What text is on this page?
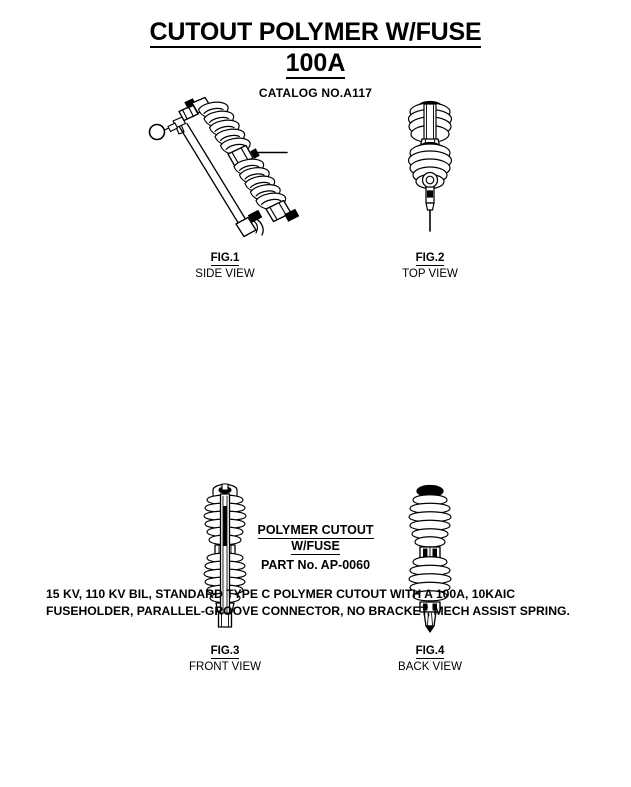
CUTOUT POLYMER W/FUSE
100A
CATALOG NO.A117
FIG.1
SIDE VIEW
FIG.2
TOP VIEW
FIG.3
FRONT VIEW
FIG.4
BACK VIEW
POLYMER CUTOUT
W/FUSE
PART No. AP-0060
15 KV, 110 KV BIL, STANDARD TYPE C POLYMER CUTOUT WITH A 100A, 10KAIC
FUSEHOLDER, PARALLEL-GROOVE CONNECTOR, NO BRACKET, MECH ASSIST SPRING.
